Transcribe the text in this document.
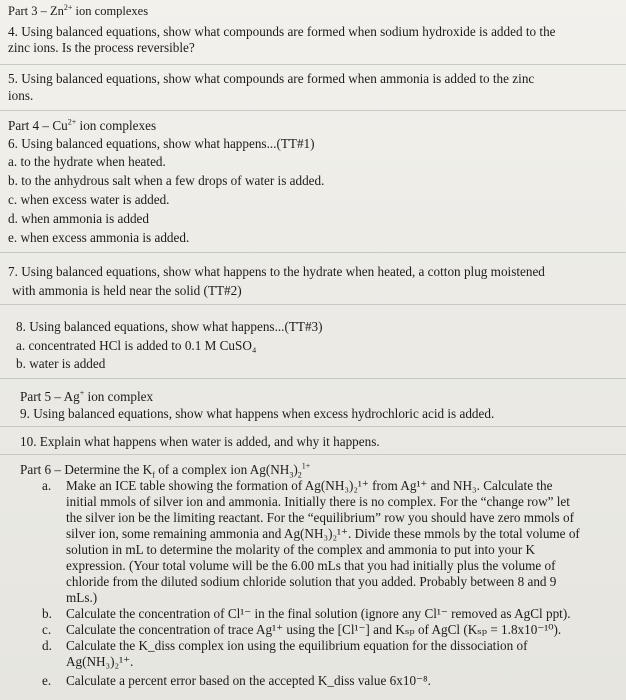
Part $3 - Zn^{2+}$ ion complexes
4. Using balanced equations, show what compounds are formed when sodium hydroxide is added to the
zinc ions. Is the process reversible?
5. Using balanced equations, show what compounds are formed when ammonia is added to the zinc
ions.
Part $4 - Cu^{2+}$ ion complexes
6. Using balanced equations, show what happens...(TT#1)
a. to the hydrate when heated.
b. to the anhydrous salt when a few drops of water is added.
c. when excess water is added.
d. when ammonia is added
e. when excess ammonia is added.
7. Using balanced equations, show what happens to the hydrate when heated, a cotton plug moistened
with ammonia is held near the solid (TT#2)
8. Using balanced equations, show what happens...(TT#3)
a. concentrated HCl is added to 0.1 M CuSO₄
b. water is added
Part 5 – Ag+ ion complex
9. Using balanced equations, show what happens when excess hydrochloric acid is added.
10. Explain what happens when water is added, and why it happens.
Part 6 – Determine the $K_f$ of a complex ion $Ag(NH_3)_2^{1+}$
a. Make an ICE table showing the formation of Ag(NH₃)₂¹⁺ from Ag¹⁺ and NH₃. Calculate the
initial mmols of silver ion and ammonia. Initially there is no complex. For the “change row” let
the silver ion be the limiting reactant. For the “equilibrium” row you should have zero mmols of
silver ion, some remaining ammonia and Ag(NH₃)₂¹⁺. Divide these mmols by the total volume of
solution in mL to determine the molarity of the complex and ammonia to put into your K
expression. (Your total volume will be the 6.00 mLs that you had initially plus the volume of
chloride from the diluted sodium chloride solution that you added. Probably between 8 and 9
mLs.)
b. Calculate the concentration of Cl¹⁻ in the final solution (ignore any Cl¹⁻ removed as AgCl ppt).
c. Calculate the concentration of trace Ag¹⁺ using the [Cl¹⁻] and Kₛₚ of AgCl (Kₛₚ = 1.8x10⁻¹⁰).
d. Calculate the K_diss complex ion using the equilibrium equation for the dissociation of
Ag(NH₃)₂¹⁺.
e. Calculate a percent error based on the accepted K_diss value 6x10⁻⁸.
